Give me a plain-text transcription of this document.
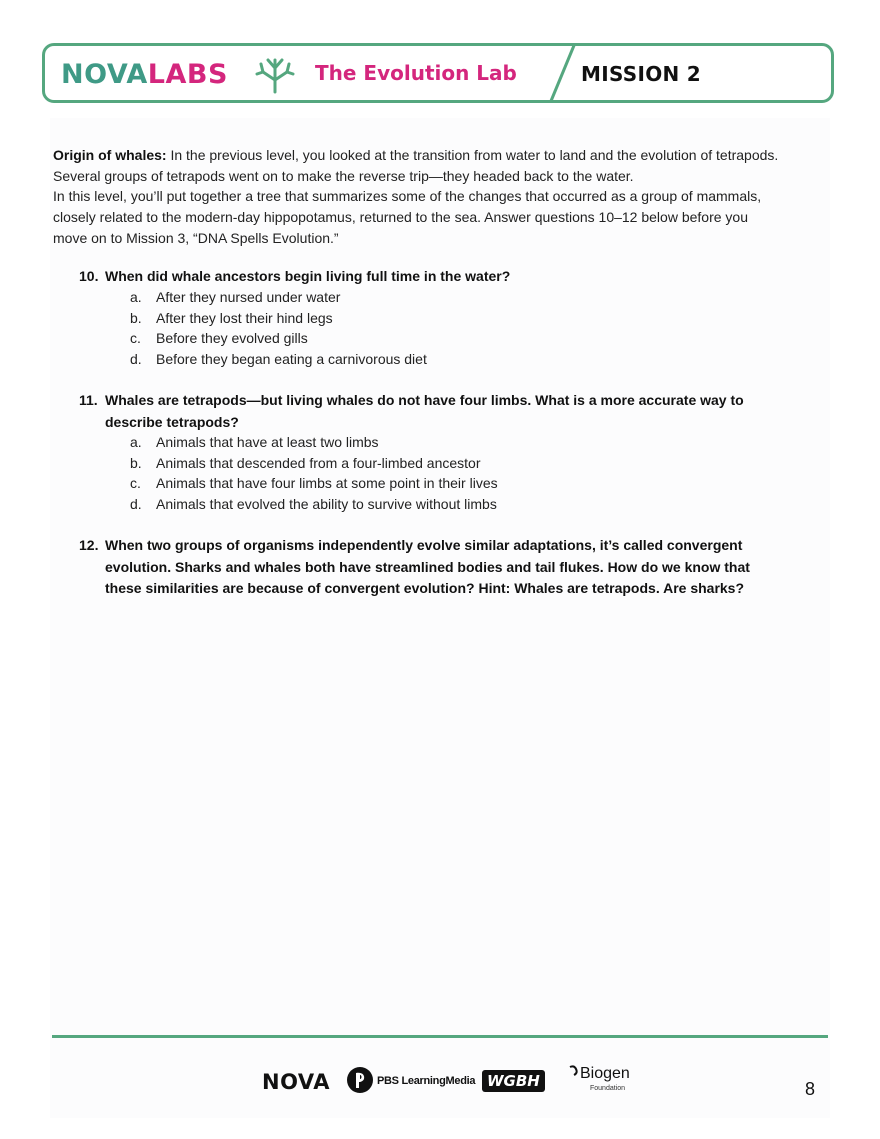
NOVA LABS	The Evolution Lab	MISSION 2
Origin of whales: In the previous level, you looked at the transition from water to land and the evolution of tetrapods.
Several groups of tetrapods went on to make the reverse trip—they headed back to the water.
In this level, you’ll put together a tree that summarizes some of the changes that occurred as a group of mammals,
closely related to the modern-day hippopotamus, returned to the sea. Answer questions 10–12 below before you
move on to Mission 3, “DNA Spells Evolution.”
10. When did whale ancestors begin living full time in the water?
a.	After they nursed under water
b.	After they lost their hind legs
c.	Before they evolved gills
d.	Before they began eating a carnivorous diet
11. Whales are tetrapods—but living whales do not have four limbs. What is a more accurate way to
describe tetrapods?
a.	Animals that have at least two limbs
b.	Animals that descended from a four-limbed ancestor
c.	Animals that have four limbs at some point in their lives
d.	Animals that evolved the ability to survive without limbs
12. When two groups of organisms independently evolve similar adaptations, it’s called convergent
evolution. Sharks and whales both have streamlined bodies and tail flukes. How do we know that
these similarities are because of convergent evolution? Hint: Whales are tetrapods. Are sharks?
NOVA	PBS LearningMedia WGBH	Biogen
Foundation	8
